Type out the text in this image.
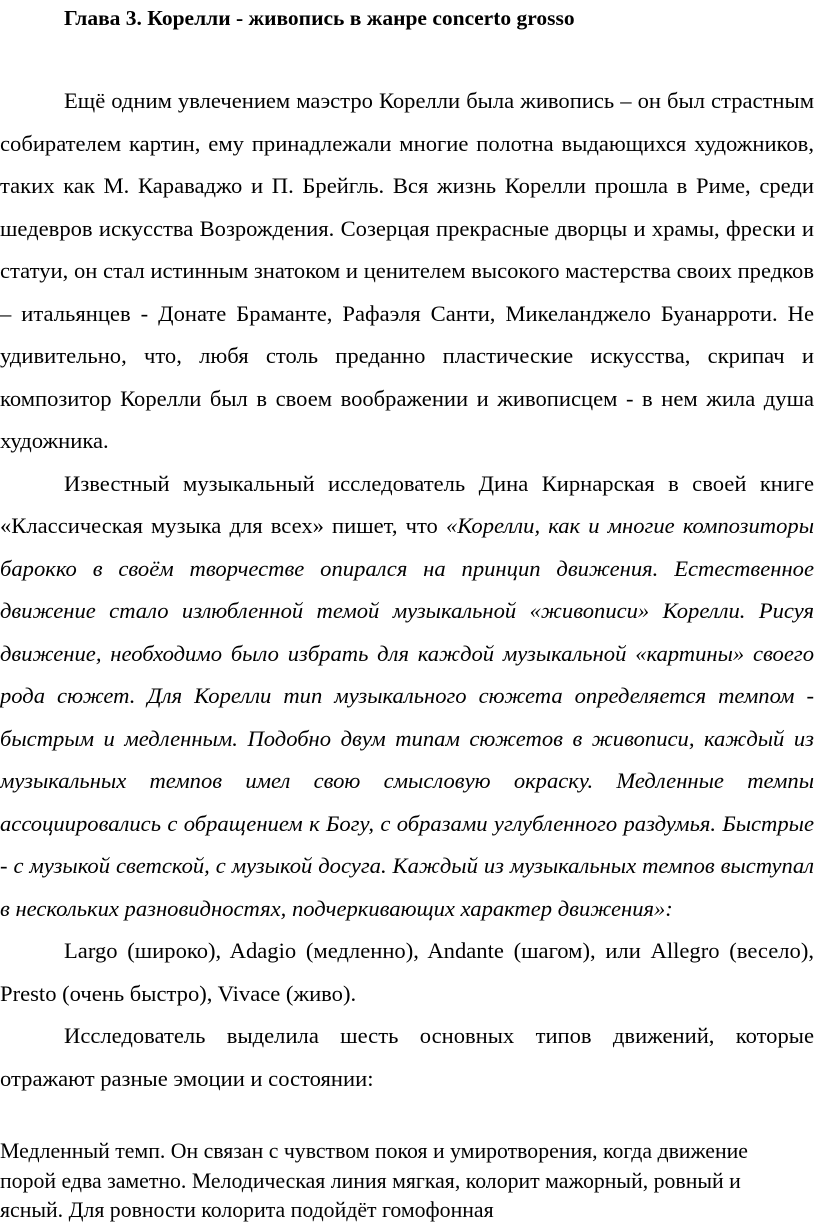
Глава 3. Корелли - живопись в жанре concerto grosso

Ещё одним увлечением маэстро Корелли была живопись – он был страстным собирателем картин, ему принадлежали многие полотна выдающихся художников, таких как М. Караваджо и П. Брейгль. Вся жизнь Корелли прошла в Риме, среди шедевров искусства Возрождения. Созерцая прекрасные дворцы и храмы, фрески и статуи, он стал истинным знатоком и ценителем высокого мастерства своих предков – итальянцев - Донате Браманте, Рафаэля Санти, Микеланджело Буанарроти. Не удивительно, что, любя столь преданно пластические искусства, скрипач и композитор Корелли был в своем воображении и живописцем - в нем жила душа художника.

Известный музыкальный исследователь Дина Кирнарская в своей книге «Классическая музыка для всех» пишет, что «Корелли, как и многие композиторы барокко в своём творчестве опирался на принцип движения. Естественное движение стало излюбленной темой музыкальной «живописи» Корелли. Рисуя движение, необходимо было избрать для каждой музыкальной «картины» своего рода сюжет. Для Корелли тип музыкального сюжета определяется темпом - быстрым и медленным. Подобно двум типам сюжетов в живописи, каждый из музыкальных темпов имел свою смысловую окраску. Медленные темпы ассоциировались с обращением к Богу, с образами углубленного раздумья. Быстрые - с музыкой светской, с музыкой досуга. Каждый из музыкальных темпов выступал в нескольких разновидностях, подчеркивающих характер движения»:

Largo (широко), Adagio (медленно), Andante (шагом), или Allegro (весело), Presto (очень быстро), Vivace (живо).

Исследователь выделила шесть основных типов движений, которые отражают разные эмоции и состоянии:

Медленный темп. Он связан с чувством покоя и умиротворения, когда движение порой едва заметно. Мелодическая линия мягкая, колорит мажорный, ровный и ясный. Для ровности колорита подойдёт гомофонная
